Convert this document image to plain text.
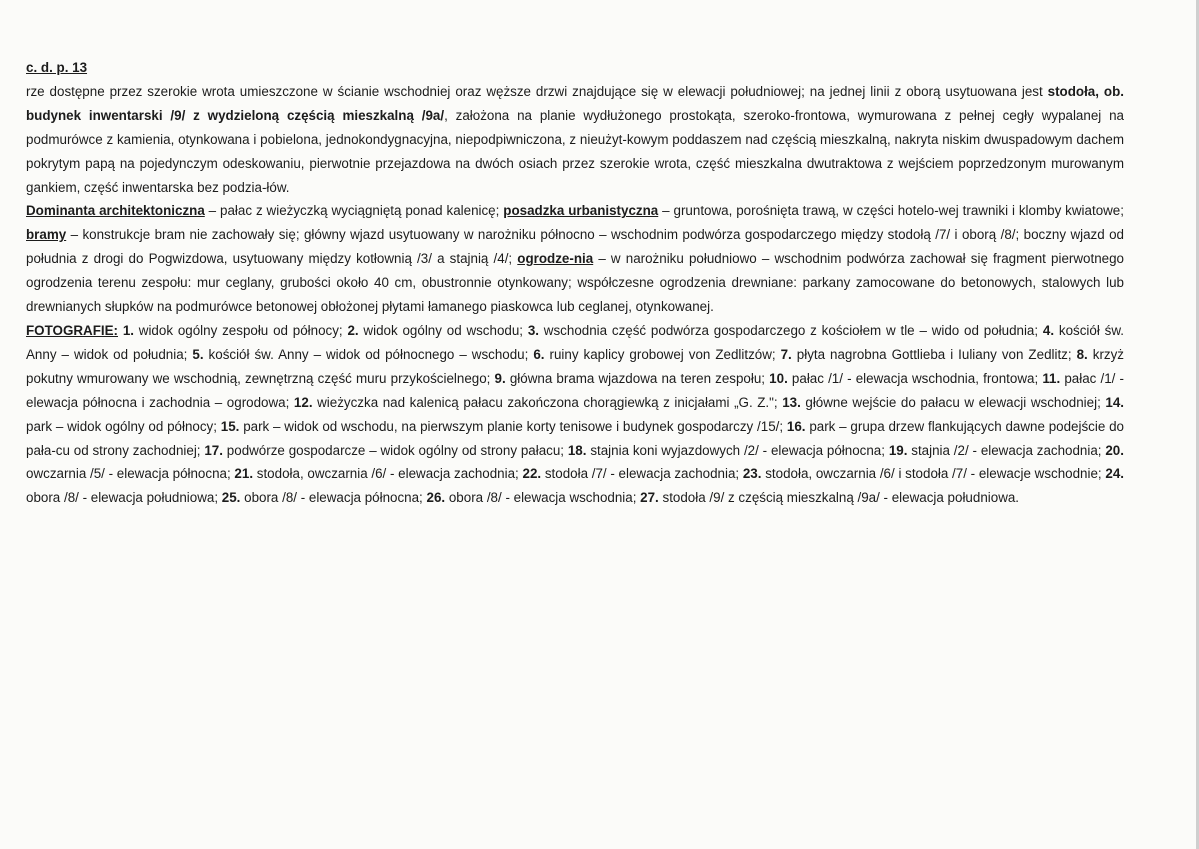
c. d. p. 13

rze dostępne przez szerokie wrota umieszczone w ścianie wschodniej oraz węższe drzwi znajdujące się w elewacji południowej; na jednej linii z oborą usytuowana jest stodoła, ob. budynek inwentarski /9/ z wydzieloną częścią mieszkalną /9a/, założona na planie wydłużonego prostokąta, szeroko-frontowa, wymurowana z pełnej cegły wypalanej na podmurówce z kamienia, otynkowana i pobielona, jednokondygnacyjna, niepodpiwniczona, z nieużyt-kowym poddaszem nad częścią mieszkalną, nakryta niskim dwuspadowym dachem pokrytym papą na pojedynczym odeskowaniu, pierwotnie przejazdowa na dwóch osiach przez szerokie wrota, część mieszkalna dwutraktowa z wejściem poprzedzonym murowanym gankiem, część inwentarska bez podzia-łów.

Dominanta architektoniczna – pałac z wieżyczką wyciągniętą ponad kalenicę; posadzka urbanistyczna – gruntowa, porośnięta trawą, w części hotelo-wej trawniki i klomby kwiatowe; bramy – konstrukcje bram nie zachowały się; główny wjazd usytuowany w narożniku północno – wschodnim podwórza gospodarczego między stodołą /7/ i oborą /8/; boczny wjazd od południa z drogi do Pogwizdowa, usytuowany między kotłownią /3/ a stajnią /4/; ogrodze-nia – w narożniku południowo – wschodnim podwórza zachował się fragment pierwotnego ogrodzenia terenu zespołu: mur ceglany, grubości około 40 cm, obustronnie otynkowany; współczesne ogrodzenia drewniane: parkany zamocowane do betonowych, stalowych lub drewnianych słupków na podmurówce betonowej obłożonej płytami łamanego piaskowca lub ceglanej, otynkowanej.

FOTOGRAFIE: 1. widok ogólny zespołu od północy; 2. widok ogólny od wschodu; 3. wschodnia część podwórza gospodarczego z kościołem w tle – wido od południa; 4. kościół św. Anny – widok od południa; 5. kościół św. Anny – widok od północnego – wschodu; 6. ruiny kaplicy grobowej von Zedlitzów; 7. płyta nagrobna Gottlieba i Iuliany von Zedlitz; 8. krzyż pokutny wmurowany we wschodnią, zewnętrzną część muru przykościelnego; 9. główna brama wjazdowa na teren zespołu; 10. pałac /1/ - elewacja wschodnia, frontowa; 11. pałac /1/ - elewacja północna i zachodnia – ogrodowa; 12. wieżyczka nad kalenicą pałacu zakończona chorągiewką z inicjałami „G. Z."; 13. główne wejście do pałacu w elewacji wschodniej; 14. park – widok ogólny od północy; 15. park – widok od wschodu, na pierwszym planie korty tenisowe i budynek gospodarczy /15/; 16. park – grupa drzew flankujących dawne podejście do pała-cu od strony zachodniej; 17. podwórze gospodarcze – widok ogólny od strony pałacu; 18. stajnia koni wyjazdowych /2/ - elewacja północna; 19. stajnia /2/ - elewacja zachodnia; 20. owczarnia /5/ - elewacja północna; 21. stodoła, owczarnia /6/ - elewacja zachodnia; 22. stodoła /7/ - elewacja zachodnia; 23. stodoła, owczarnia /6/ i stodoła /7/ - elewacje wschodnie; 24. obora /8/ - elewacja południowa; 25. obora /8/ - elewacja północna; 26. obora /8/ - elewacja wschodnia; 27. stodoła /9/ z częścią mieszkalną /9a/ - elewacja południowa.
